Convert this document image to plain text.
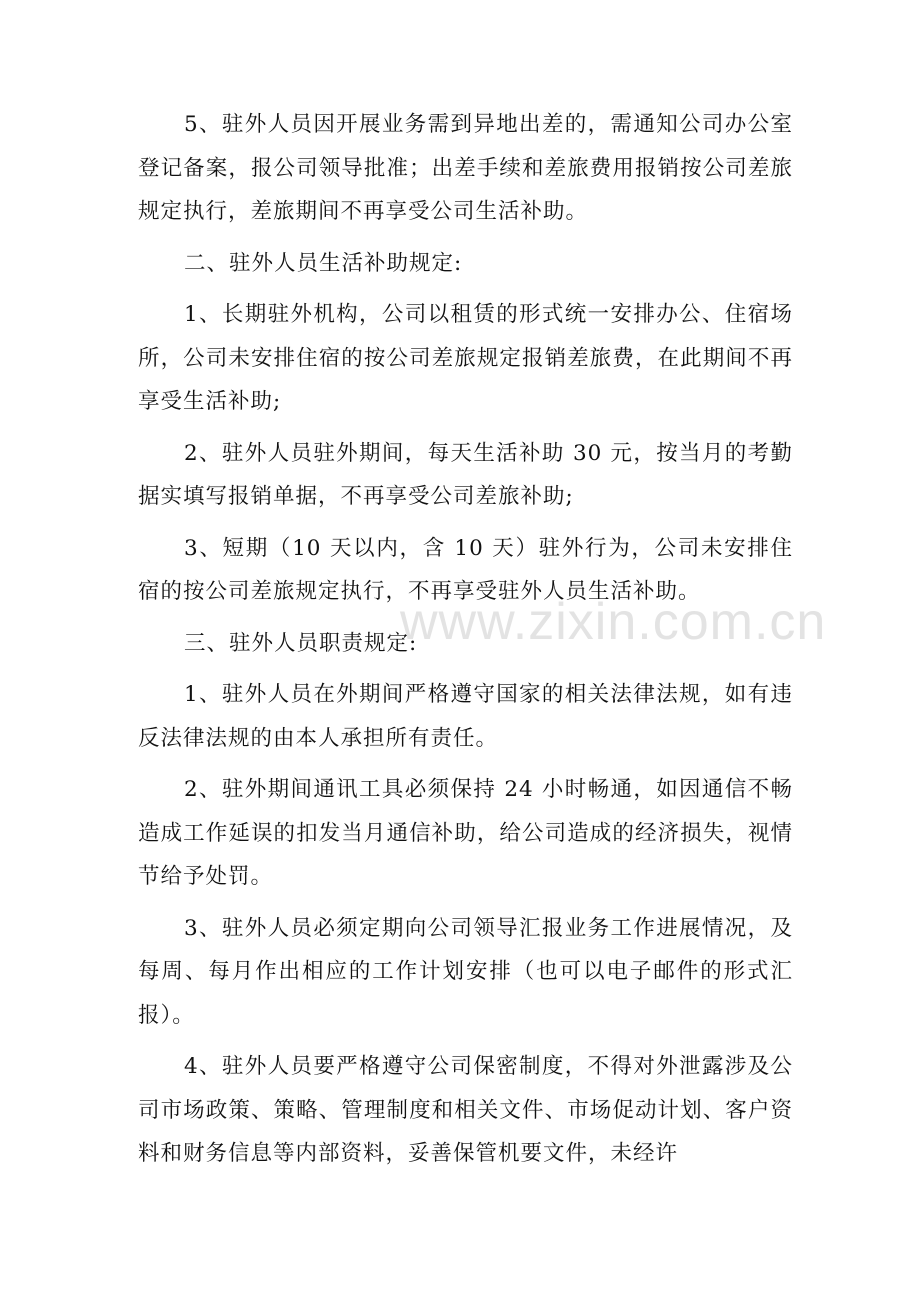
www.zixin.com.cn

5、驻外人员因开展业务需到异地出差的，需通知公司办公室登记备案，报公司领导批准；出差手续和差旅费用报销按公司差旅规定执行，差旅期间不再享受公司生活补助。

二、驻外人员生活补助规定:

1、长期驻外机构，公司以租赁的形式统一安排办公、住宿场所，公司未安排住宿的按公司差旅规定报销差旅费，在此期间不再享受生活补助;

2、驻外人员驻外期间，每天生活补助 30 元，按当月的考勤据实填写报销单据，不再享受公司差旅补助;

3、短期（10 天以内，含 10 天）驻外行为，公司未安排住宿的按公司差旅规定执行，不再享受驻外人员生活补助。

三、驻外人员职责规定:

1、驻外人员在外期间严格遵守国家的相关法律法规，如有违反法律法规的由本人承担所有责任。

2、驻外期间通讯工具必须保持 24 小时畅通，如因通信不畅造成工作延误的扣发当月通信补助，给公司造成的经济损失，视情节给予处罚。

3、驻外人员必须定期向公司领导汇报业务工作进展情况，及每周、每月作出相应的工作计划安排（也可以电子邮件的形式汇报）。

4、驻外人员要严格遵守公司保密制度，不得对外泄露涉及公司市场政策、策略、管理制度和相关文件、市场促动计划、客户资料和财务信息等内部资料，妥善保管机要文件，未经许
